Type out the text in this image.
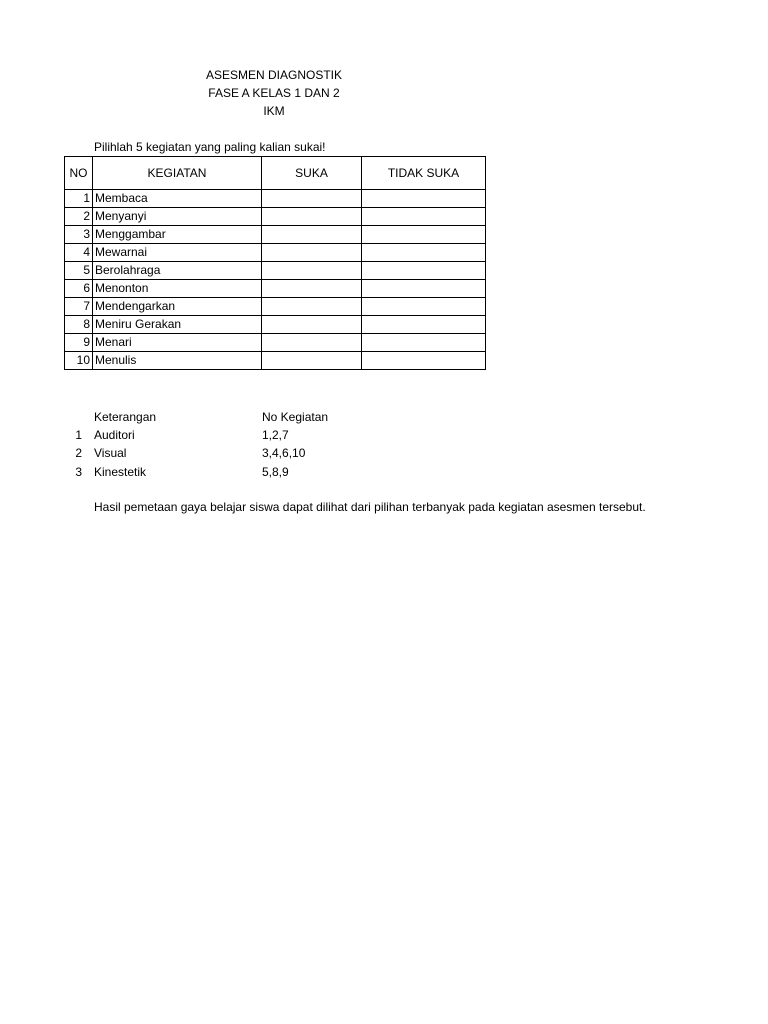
ASESMEN DIAGNOSTIK
FASE A KELAS 1 DAN 2
IKM
Pilihlah 5 kegiatan yang paling kalian sukai!
NO	KEGIATAN	SUKA	TIDAK SUKA
1	Membaca		
2	Menyanyi		
3	Menggambar		
4	Mewarnai		
5	Berolahraga		
6	Menonton		
7	Mendengarkan		
8	Meniru Gerakan		
9	Menari		
10	Menulis		
Keterangan	No Kegiatan
1 Auditori	1,2,7
2 Visual	3,4,6,10
3 Kinestetik	5,8,9
Hasil pemetaan gaya belajar siswa dapat dilihat dari pilihan terbanyak pada kegiatan asesmen tersebut.
